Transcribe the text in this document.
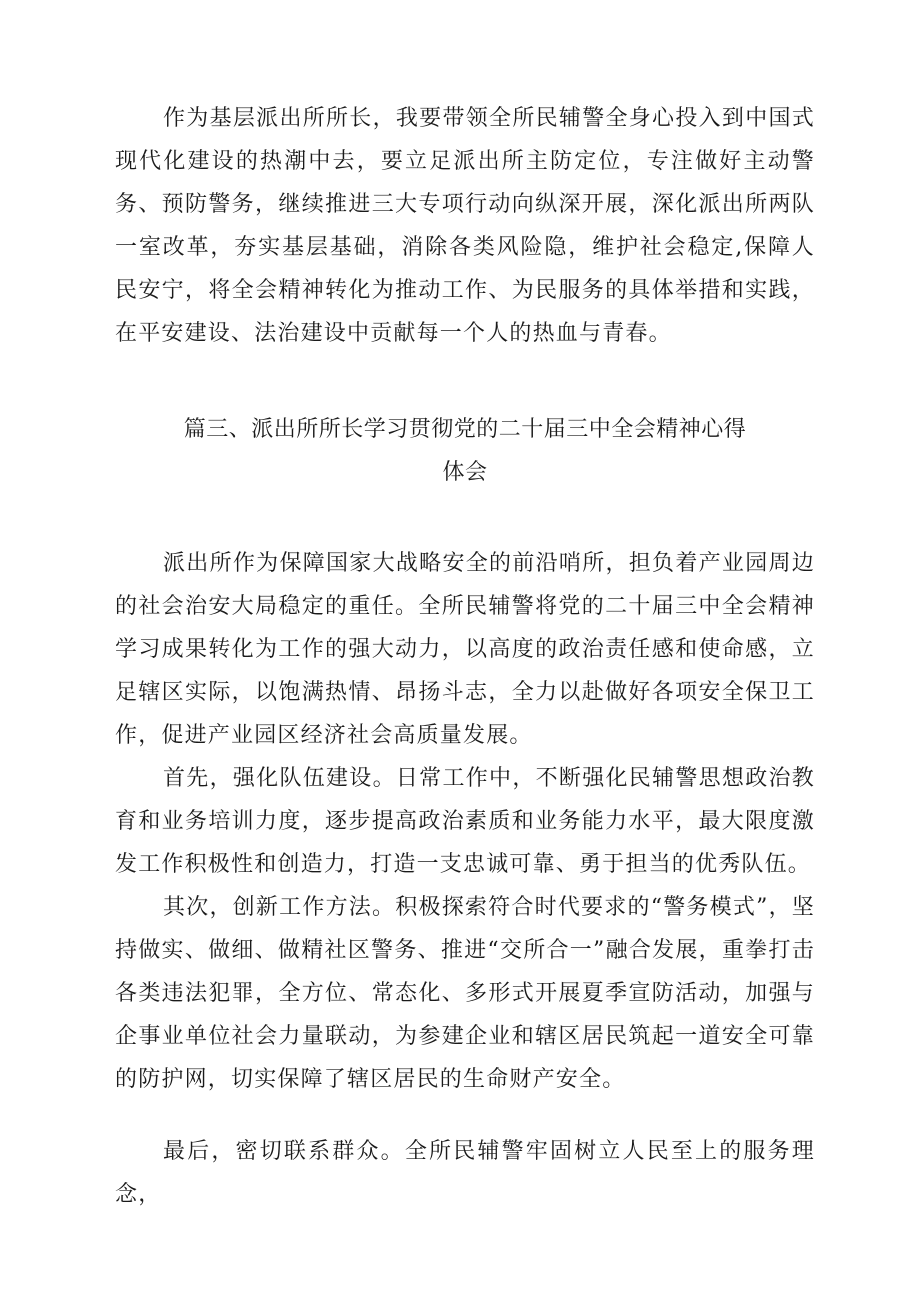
作为基层派出所所长，我要带领全所民辅警全身心投入到中国式现代化建设的热潮中去，要立足派出所主防定位，专注做好主动警务、预防警务，继续推进三大专项行动向纵深开展，深化派出所两队一室改革，夯实基层基础，消除各类风险隐，维护社会稳定,保障人民安宁，将全会精神转化为推动工作、为民服务的具体举措和实践，在平安建设、法治建设中贡献每一个人的热血与青春。

篇三、派出所所长学习贯彻党的二十届三中全会精神心得
体会

派出所作为保障国家大战略安全的前沿哨所，担负着产业园周边的社会治安大局稳定的重任。全所民辅警将党的二十届三中全会精神学习成果转化为工作的强大动力，以高度的政治责任感和使命感，立足辖区实际，以饱满热情、昂扬斗志，全力以赴做好各项安全保卫工作，促进产业园区经济社会高质量发展。

首先，强化队伍建设。日常工作中，不断强化民辅警思想政治教育和业务培训力度，逐步提高政治素质和业务能力水平，最大限度激发工作积极性和创造力，打造一支忠诚可靠、勇于担当的优秀队伍。

其次，创新工作方法。积极探索符合时代要求的“警务模式”，坚持做实、做细、做精社区警务、推进“交所合一”融合发展，重拳打击各类违法犯罪，全方位、常态化、多形式开展夏季宣防活动，加强与企事业单位社会力量联动，为参建企业和辖区居民筑起一道安全可靠的防护网，切实保障了辖区居民的生命财产安全。

最后，密切联系群众。全所民辅警牢固树立人民至上的服务理念，
